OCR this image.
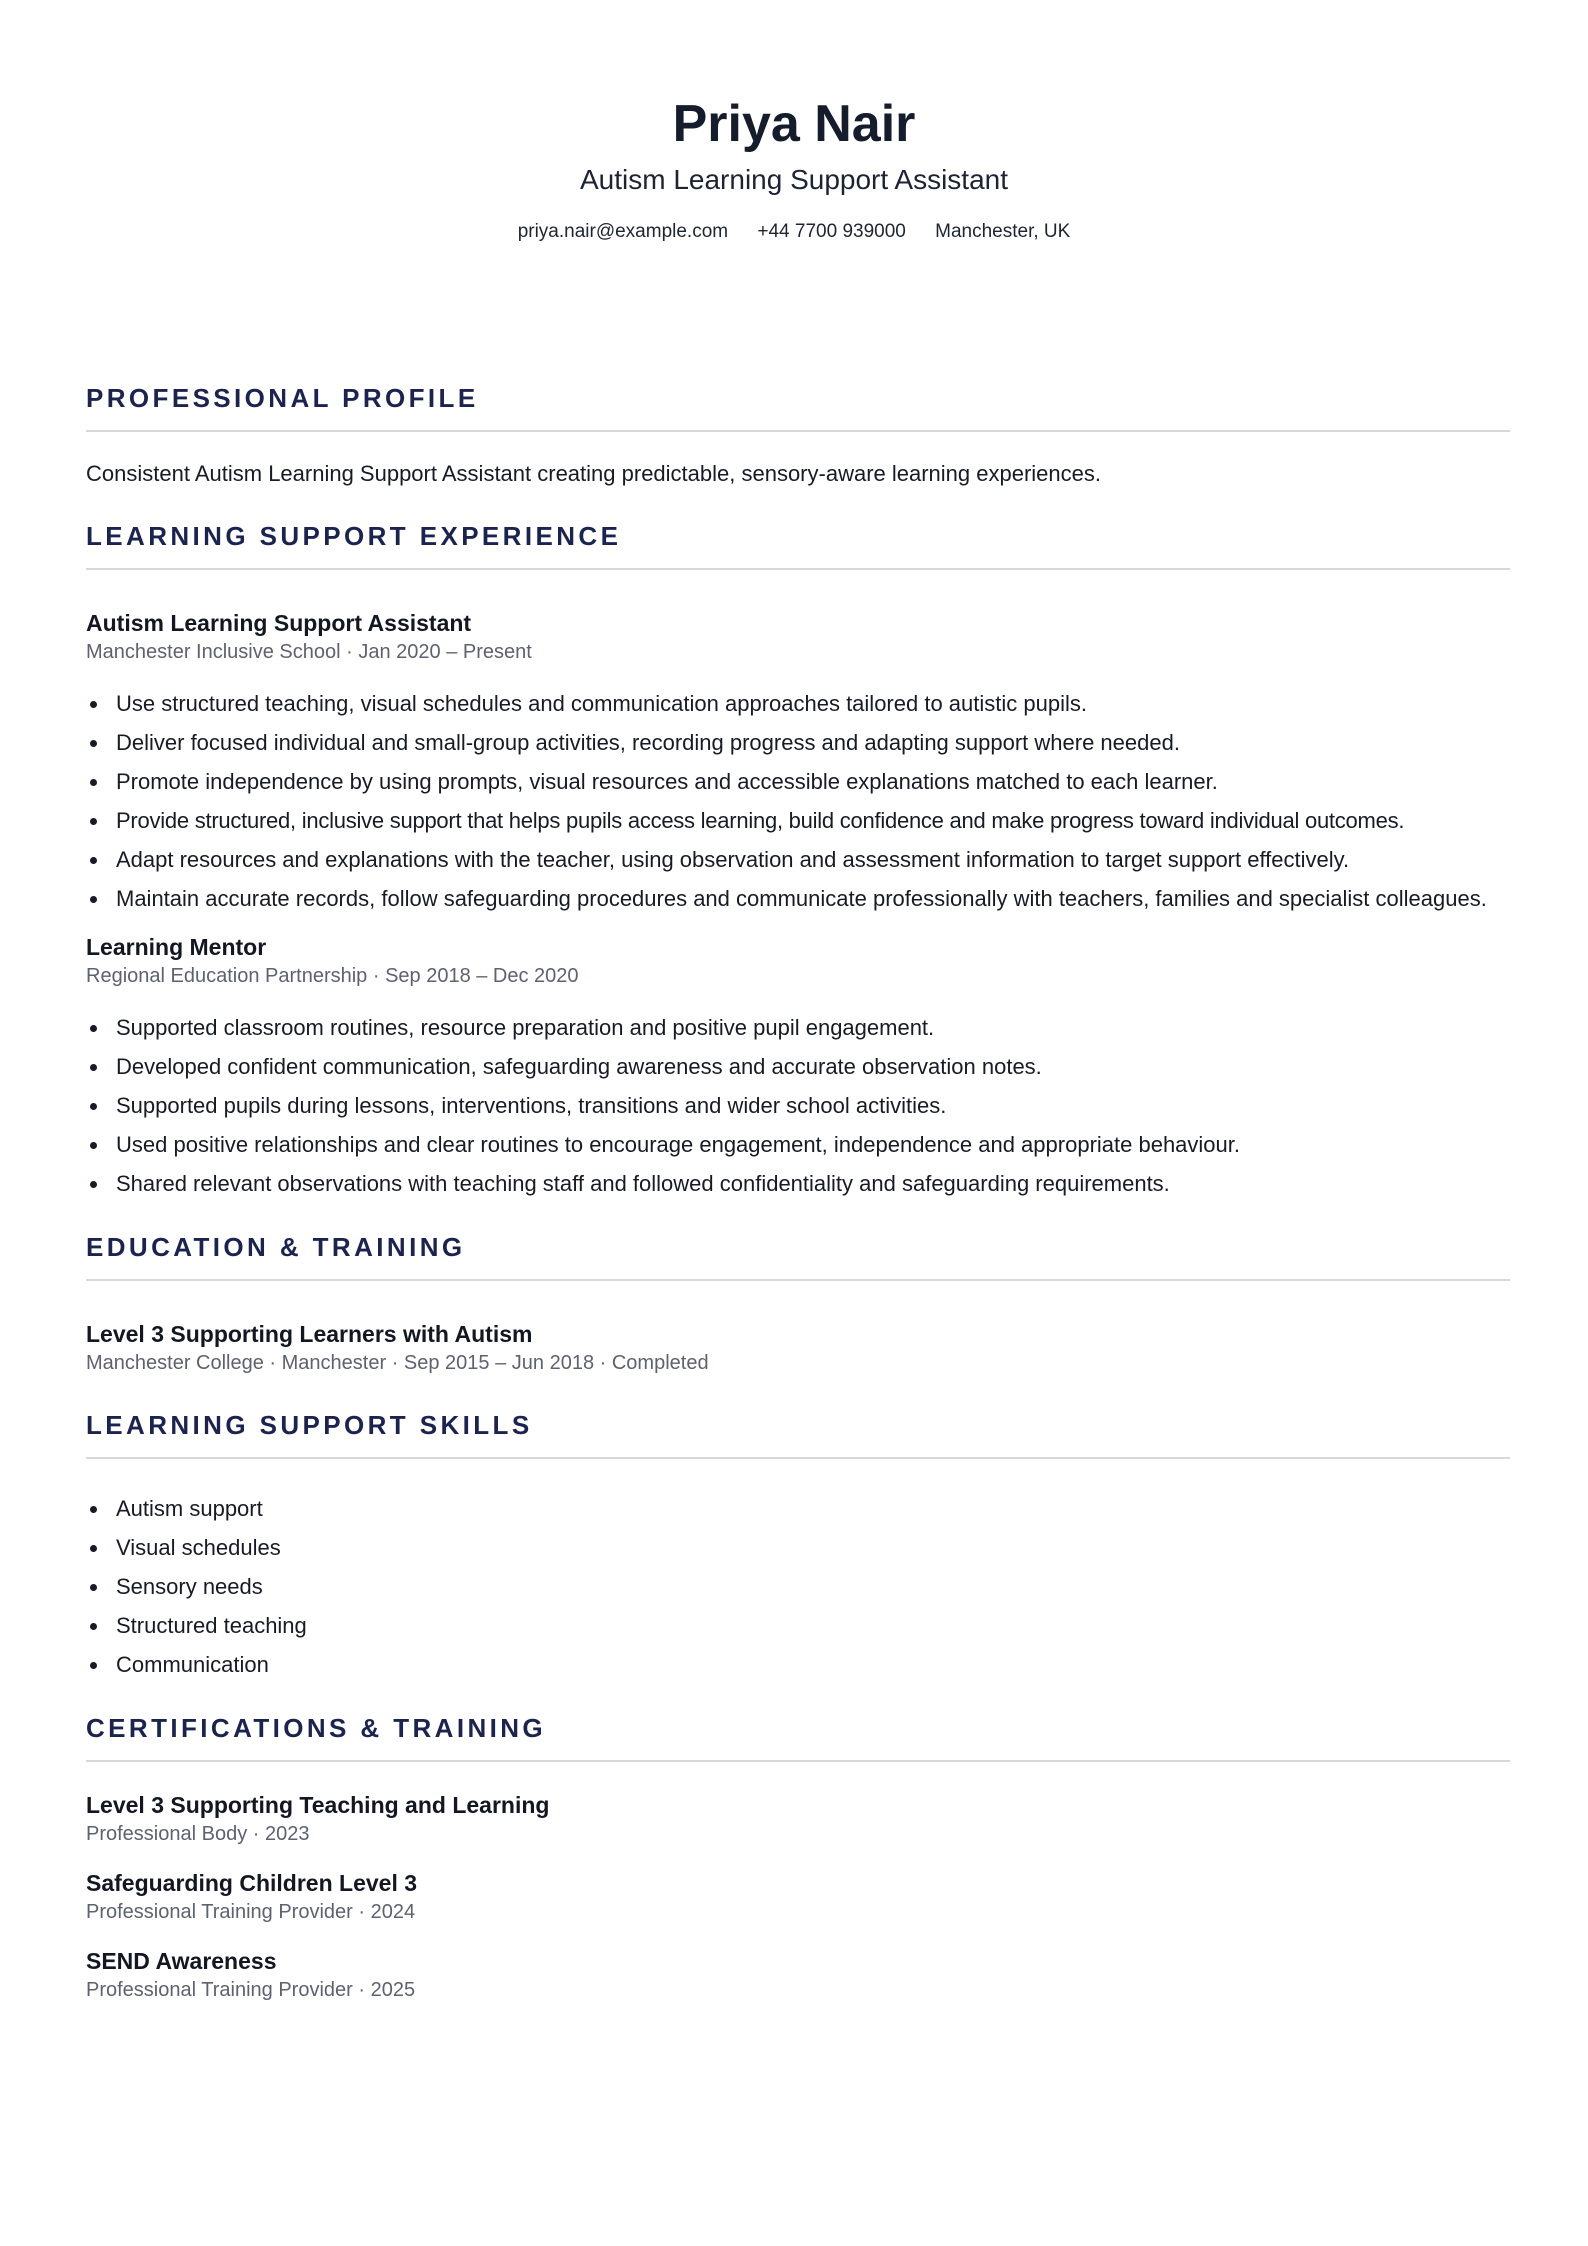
Priya Nair
Autism Learning Support Assistant
priya.nair@example.com +44 7700 939000 Manchester, UK
PROFESSIONAL PROFILE
Consistent Autism Learning Support Assistant creating predictable, sensory-aware learning experiences.
LEARNING SUPPORT EXPERIENCE
Autism Learning Support Assistant
Manchester Inclusive School · Jan 2020 – Present
Use structured teaching, visual schedules and communication approaches tailored to autistic pupils.
Deliver focused individual and small-group activities, recording progress and adapting support where needed.
Promote independence by using prompts, visual resources and accessible explanations matched to each learner.
Provide structured, inclusive support that helps pupils access learning, build confidence and make progress toward individual outcomes.
Adapt resources and explanations with the teacher, using observation and assessment information to target support effectively.
Maintain accurate records, follow safeguarding procedures and communicate professionally with teachers, families and specialist colleagues.
Learning Mentor
Regional Education Partnership · Sep 2018 – Dec 2020
Supported classroom routines, resource preparation and positive pupil engagement.
Developed confident communication, safeguarding awareness and accurate observation notes.
Supported pupils during lessons, interventions, transitions and wider school activities.
Used positive relationships and clear routines to encourage engagement, independence and appropriate behaviour.
Shared relevant observations with teaching staff and followed confidentiality and safeguarding requirements.
EDUCATION & TRAINING
Level 3 Supporting Learners with Autism
Manchester College · Manchester · Sep 2015 – Jun 2018 · Completed
LEARNING SUPPORT SKILLS
Autism support
Visual schedules
Sensory needs
Structured teaching
Communication
CERTIFICATIONS & TRAINING
Level 3 Supporting Teaching and Learning
Professional Body · 2023
Safeguarding Children Level 3
Professional Training Provider · 2024
SEND Awareness
Professional Training Provider · 2025
